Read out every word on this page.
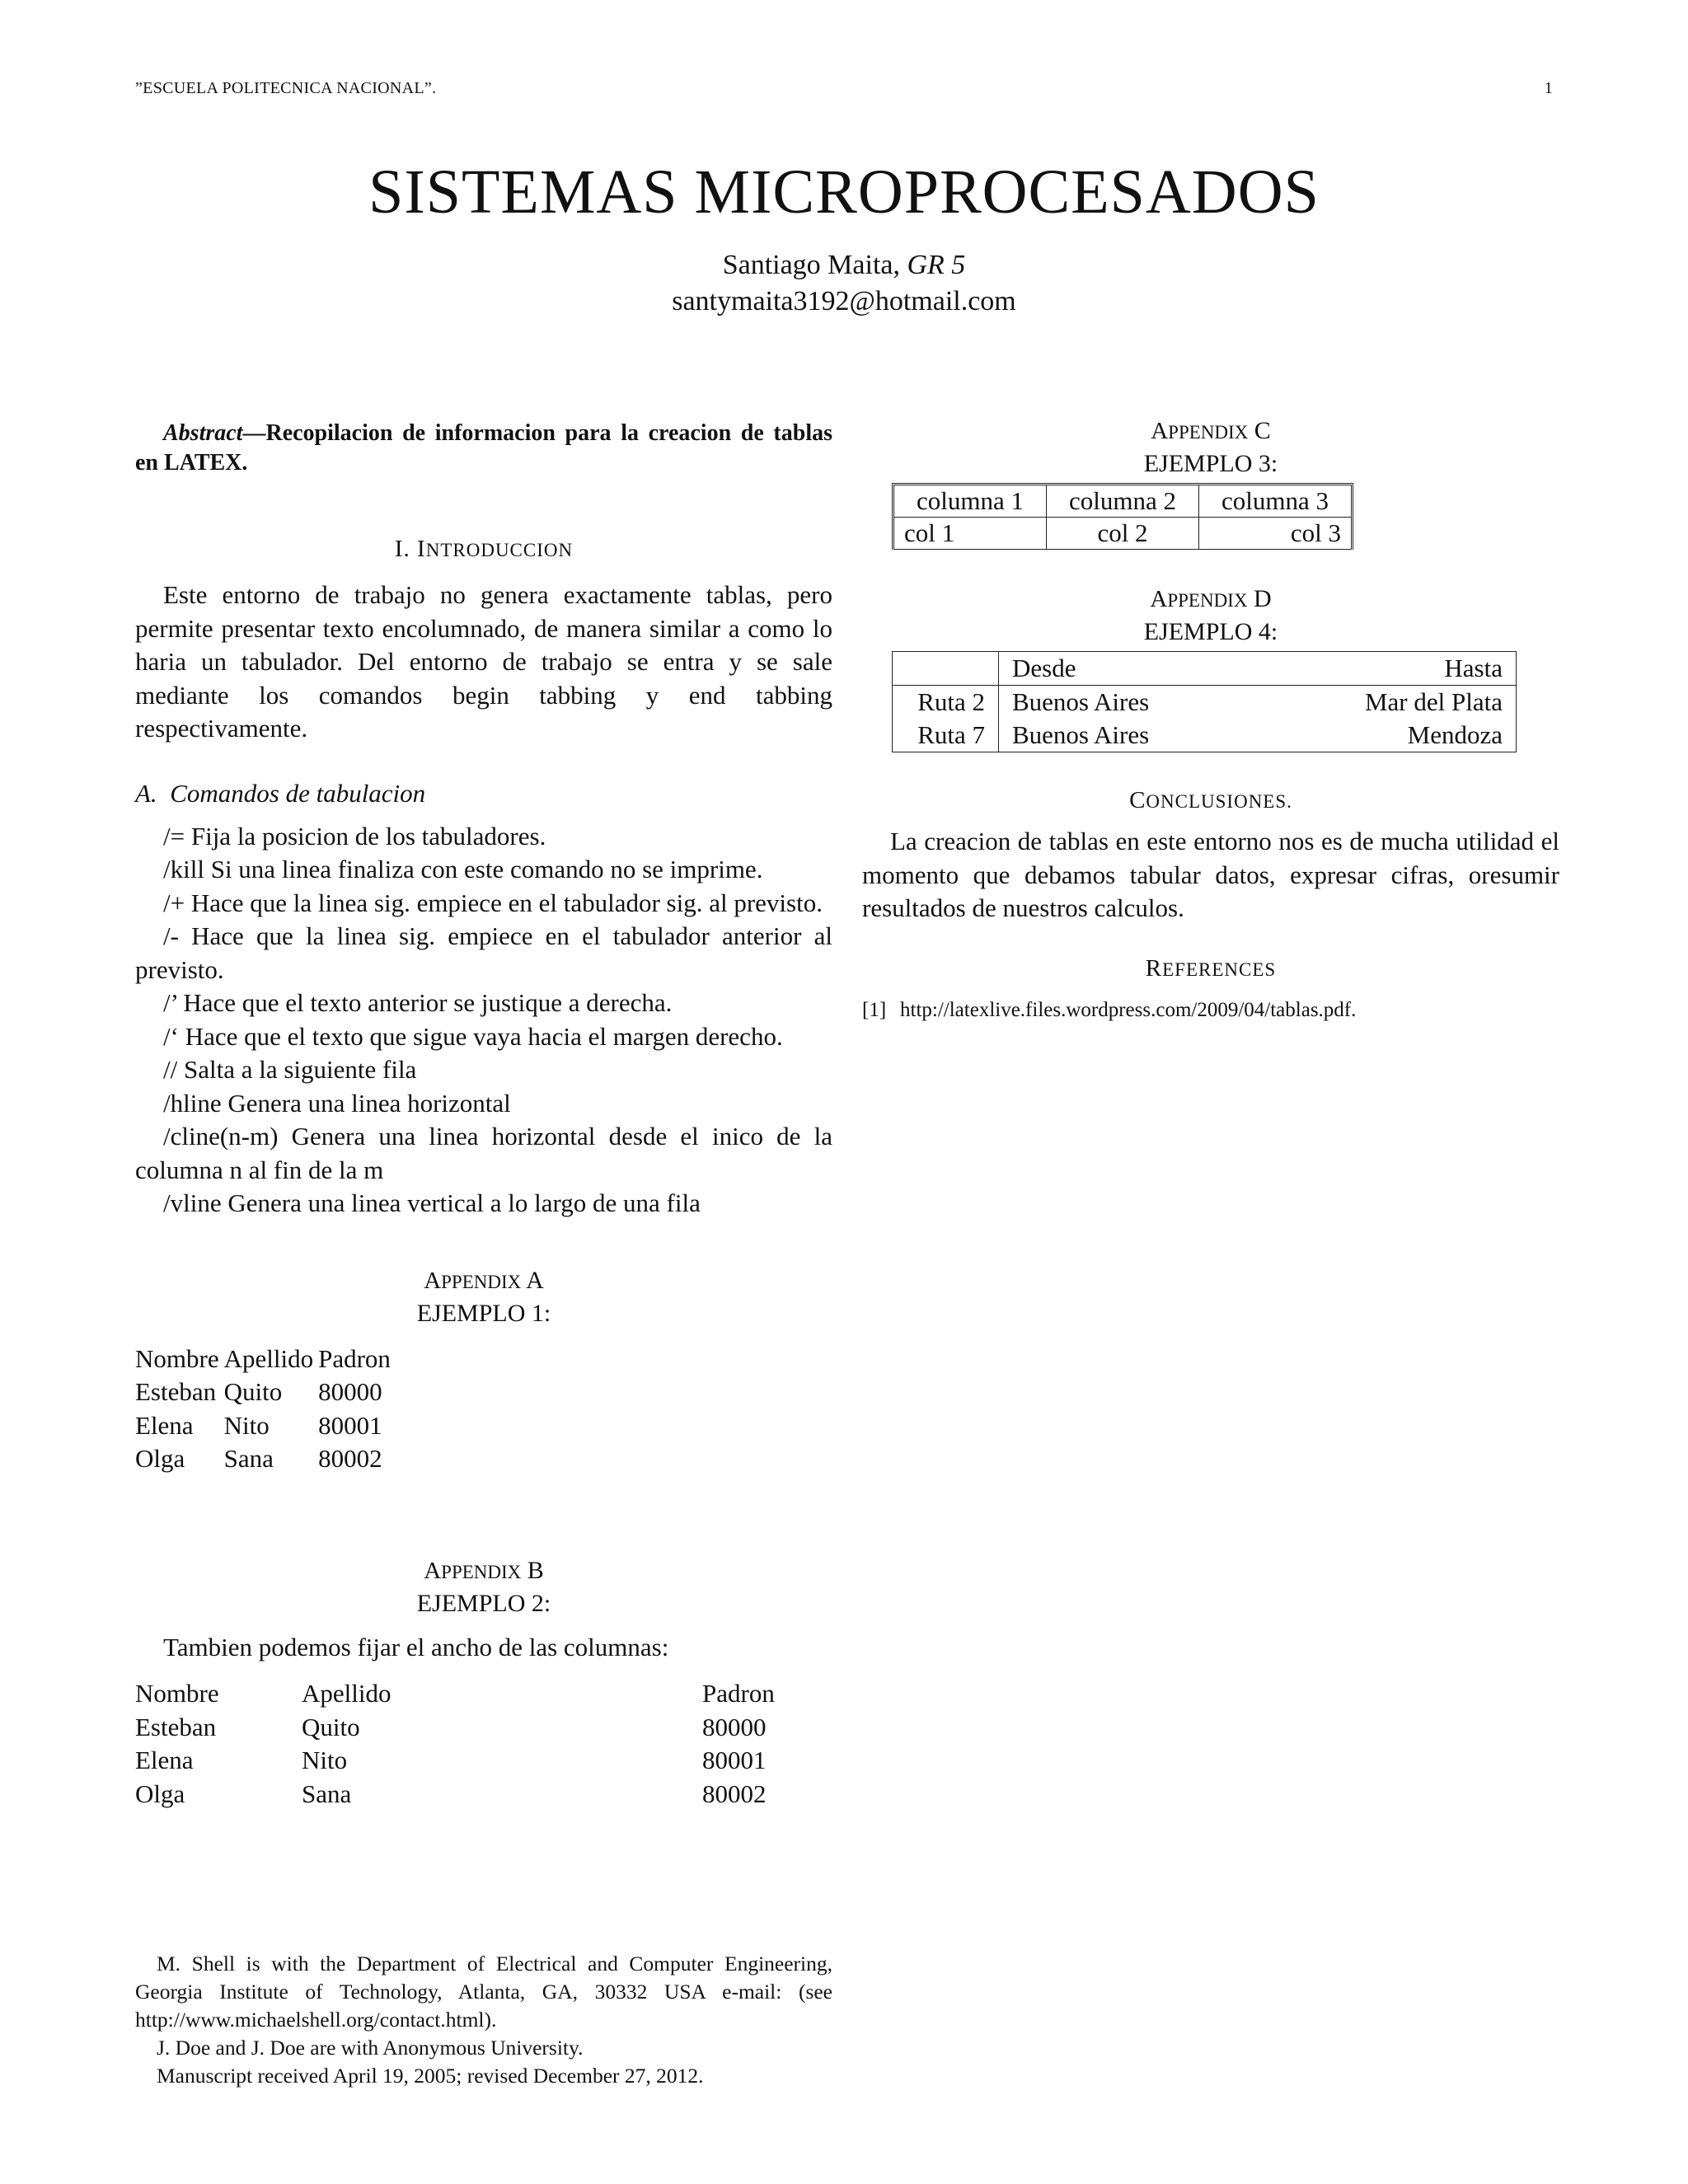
”ESCUELA POLITECNICA NACIONAL”.	1
SISTEMAS MICROPROCESADOS
Santiago Maita, GR 5
santymaita3192@hotmail.com

Abstract—Recopilacion de informacion para la creacion de tablas en LATEX.

I. INTRODUCCION

Este entorno de trabajo no genera exactamente tablas, pero permite presentar texto encolumnado, de manera similar a como lo haria un tabulador. Del entorno de trabajo se entra y se sale mediante los comandos begin tabbing y end tabbing respectivamente.

A. Comandos de tabulacion

/= Fija la posicion de los tabuladores.

/kill Si una linea finaliza con este comando no se imprime.

/+ Hace que la linea sig. empiece en el tabulador sig. al previsto.

/- Hace que la linea sig. empiece en el tabulador anterior al previsto.

/’ Hace que el texto anterior se justique a derecha.

/‘ Hace que el texto que sigue vaya hacia el margen derecho.

// Salta a la siguiente fila

/hline Genera una linea horizontal

/cline(n-m) Genera una linea horizontal desde el inico de la columna n al fin de la m

/vline Genera una linea vertical a lo largo de una fila

APPENDIX A
EJEMPLO 1:
Nombre	Apellido	Padron
Esteban	Quito	80000
Elena	Nito	80001
Olga	Sana	80002
APPENDIX B
EJEMPLO 2:

Tambien podemos fijar el ancho de las columnas:

Nombre	Apellido	Padron
Esteban	Quito	80000
Elena	Nito	80001
Olga	Sana	80002
APPENDIX C
EJEMPLO 3:
columna 1	columna 2	columna 3
col 1	col 2	col 3
APPENDIX D
EJEMPLO 4:
	Desde	Hasta
Ruta 2	Buenos Aires	Mar del Plata
Ruta 7	Buenos Aires	Mendoza
CONCLUSIONES.

La creacion de tablas en este entorno nos es de mucha utilidad el momento que debamos tabular datos, expresar cifras, oresumir resultados de nuestros calculos.

REFERENCES
[1] http://latexlive.files.wordpress.com/2009/04/tablas.pdf.

M. Shell is with the Department of Electrical and Computer Engineering, Georgia Institute of Technology, Atlanta, GA, 30332 USA e-mail: (see http://www.michaelshell.org/contact.html).

J. Doe and J. Doe are with Anonymous University.

Manuscript received April 19, 2005; revised December 27, 2012.
